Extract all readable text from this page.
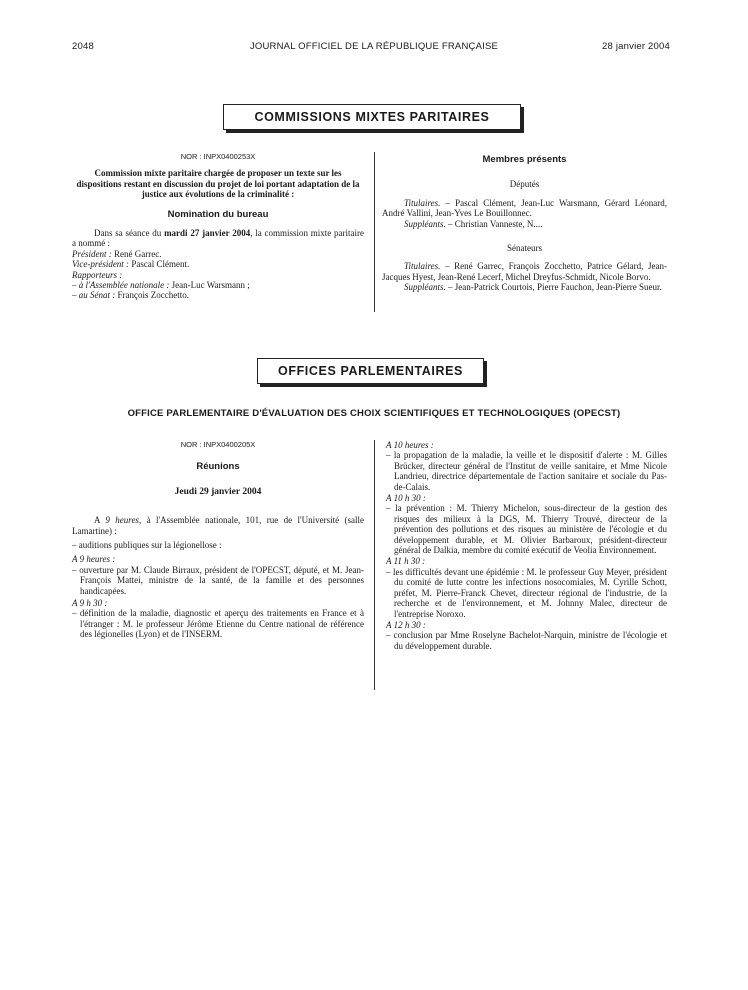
2048	JOURNAL OFFICIEL DE LA RÉPUBLIQUE FRANÇAISE	28 janvier 2004
COMMISSIONS MIXTES PARITAIRES

NOR : INPX0400253X

Commission mixte paritaire chargée de proposer un texte sur les dispositions restant en discussion du projet de loi portant adaptation de la justice aux évolutions de la criminalité :

Nomination du bureau

Dans sa séance du mardi 27 janvier 2004, la commission mixte paritaire a nommé :

Président : René Garrec.

Vice-président : Pascal Clément.

Rapporteurs :

– à l'Assemblée nationale : Jean-Luc Warsmann ;

– au Sénat : François Zocchetto.

Membres présents

Députés

Titulaires. – Pascal Clément, Jean-Luc Warsmann, Gérard Léonard, André Vallini, Jean-Yves Le Bouillonnec.

Suppléants. – Christian Vanneste, N....

Sénateurs

Titulaires. – René Garrec, François Zocchetto, Patrice Gélard, Jean-Jacques Hyest, Jean-René Lecerf, Michel Dreyfus-Schmidt, Nicole Borvo.

Suppléants. – Jean-Patrick Courtois, Pierre Fauchon, Jean-Pierre Sueur.

OFFICES PARLEMENTAIRES
OFFICE PARLEMENTAIRE D'ÉVALUATION DES CHOIX SCIENTIFIQUES ET TECHNOLOGIQUES (OPECST)

NOR : INPX0400205X

Réunions

Jeudi 29 janvier 2004

A 9 heures, à l'Assemblée nationale, 101, rue de l'Université (salle Lamartine) :

– auditions publiques sur la légionellose :

A 9 heures :

– ouverture par M. Claude Birraux, président de l'OPECST, député, et M. Jean-François Mattei, ministre de la santé, de la famille et des personnes handicapées.

A 9 h 30 :

– définition de la maladie, diagnostic et aperçu des traitements en France et à l'étranger : M. le professeur Jérôme Etienne du Centre national de référence des légionelles (Lyon) et de l'INSERM.

A 10 heures :

– la propagation de la maladie, la veille et le dispositif d'alerte : M. Gilles Brücker, directeur général de l'Institut de veille sanitaire, et Mme Nicole Landrieu, directrice départementale de l'action sanitaire et sociale du Pas-de-Calais.

A 10 h 30 :

– la prévention : M. Thierry Michelon, sous-directeur de la gestion des risques des milieux à la DGS, M. Thierry Trouvé, directeur de la prévention des pollutions et des risques au ministère de l'écologie et du développement durable, et M. Olivier Barbaroux, président-directeur général de Dalkia, membre du comité exécutif de Veolia Environnement.

A 11 h 30 :

– les difficultés devant une épidémie : M. le professeur Guy Meyer, président du comité de lutte contre les infections nosocomiales, M. Cyrille Schott, préfet, M. Pierre-Franck Chevet, directeur régional de l'industrie, de la recherche et de l'environnement, et M. Johnny Malec, directeur de l'entreprise Noroxo.

A 12 h 30 :

– conclusion par Mme Roselyne Bachelot-Narquin, ministre de l'écologie et du développement durable.
